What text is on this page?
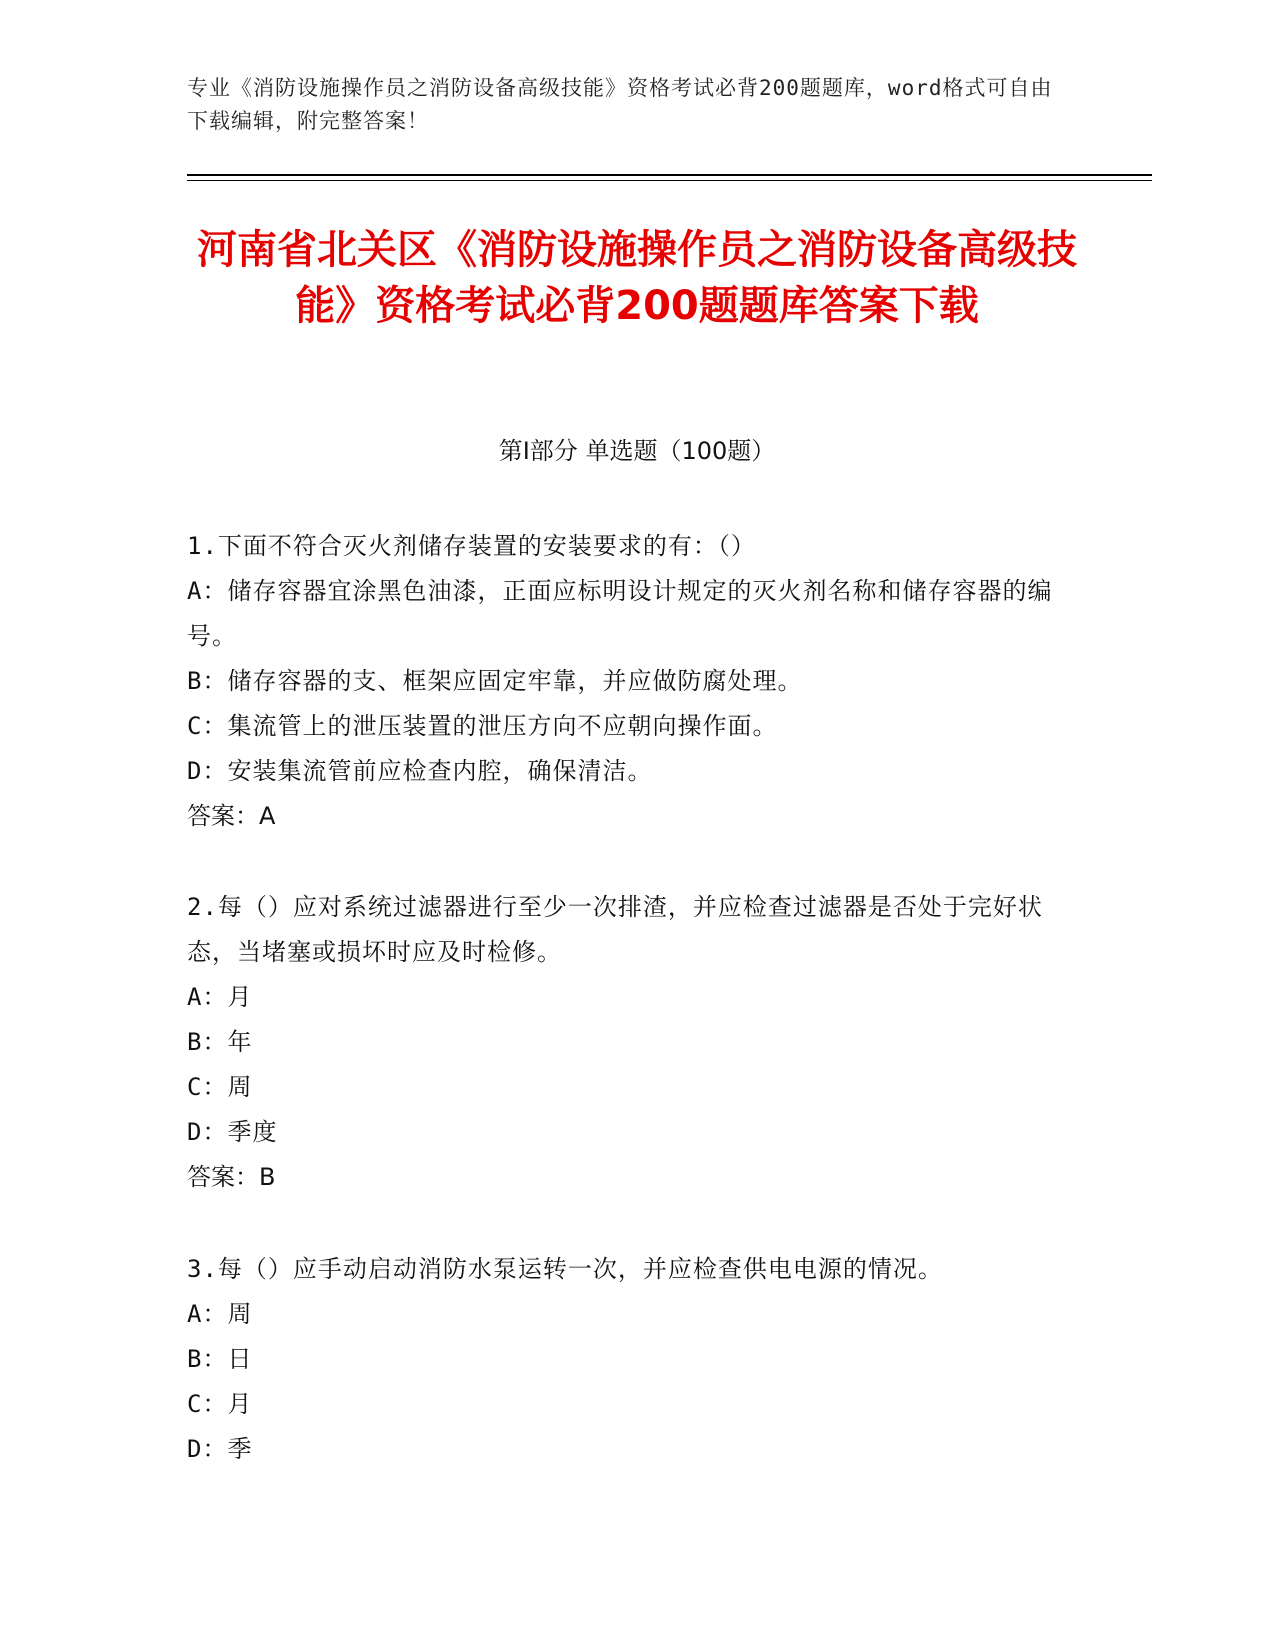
专业《消防设施操作员之消防设备高级技能》资格考试必背200题题库，word格式可自由下载编辑，附完整答案！
河南省北关区《消防设施操作员之消防设备高级技能》资格考试必背200题题库答案下载
第I部分 单选题（100题）

1.下面不符合灭火剂储存装置的安装要求的有：（）

A：储存容器宜涂黑色油漆，正面应标明设计规定的灭火剂名称和储存容器的编号。

B：储存容器的支、框架应固定牢靠，并应做防腐处理。

C：集流管上的泄压装置的泄压方向不应朝向操作面。

D：安装集流管前应检查内腔，确保清洁。

答案：A

2.每（）应对系统过滤器进行至少一次排渣，并应检查过滤器是否处于完好状态，当堵塞或损坏时应及时检修。

A：月

B：年

C：周

D：季度

答案：B

3.每（）应手动启动消防水泵运转一次，并应检查供电电源的情况。

A：周

B：日

C：月

D：季
